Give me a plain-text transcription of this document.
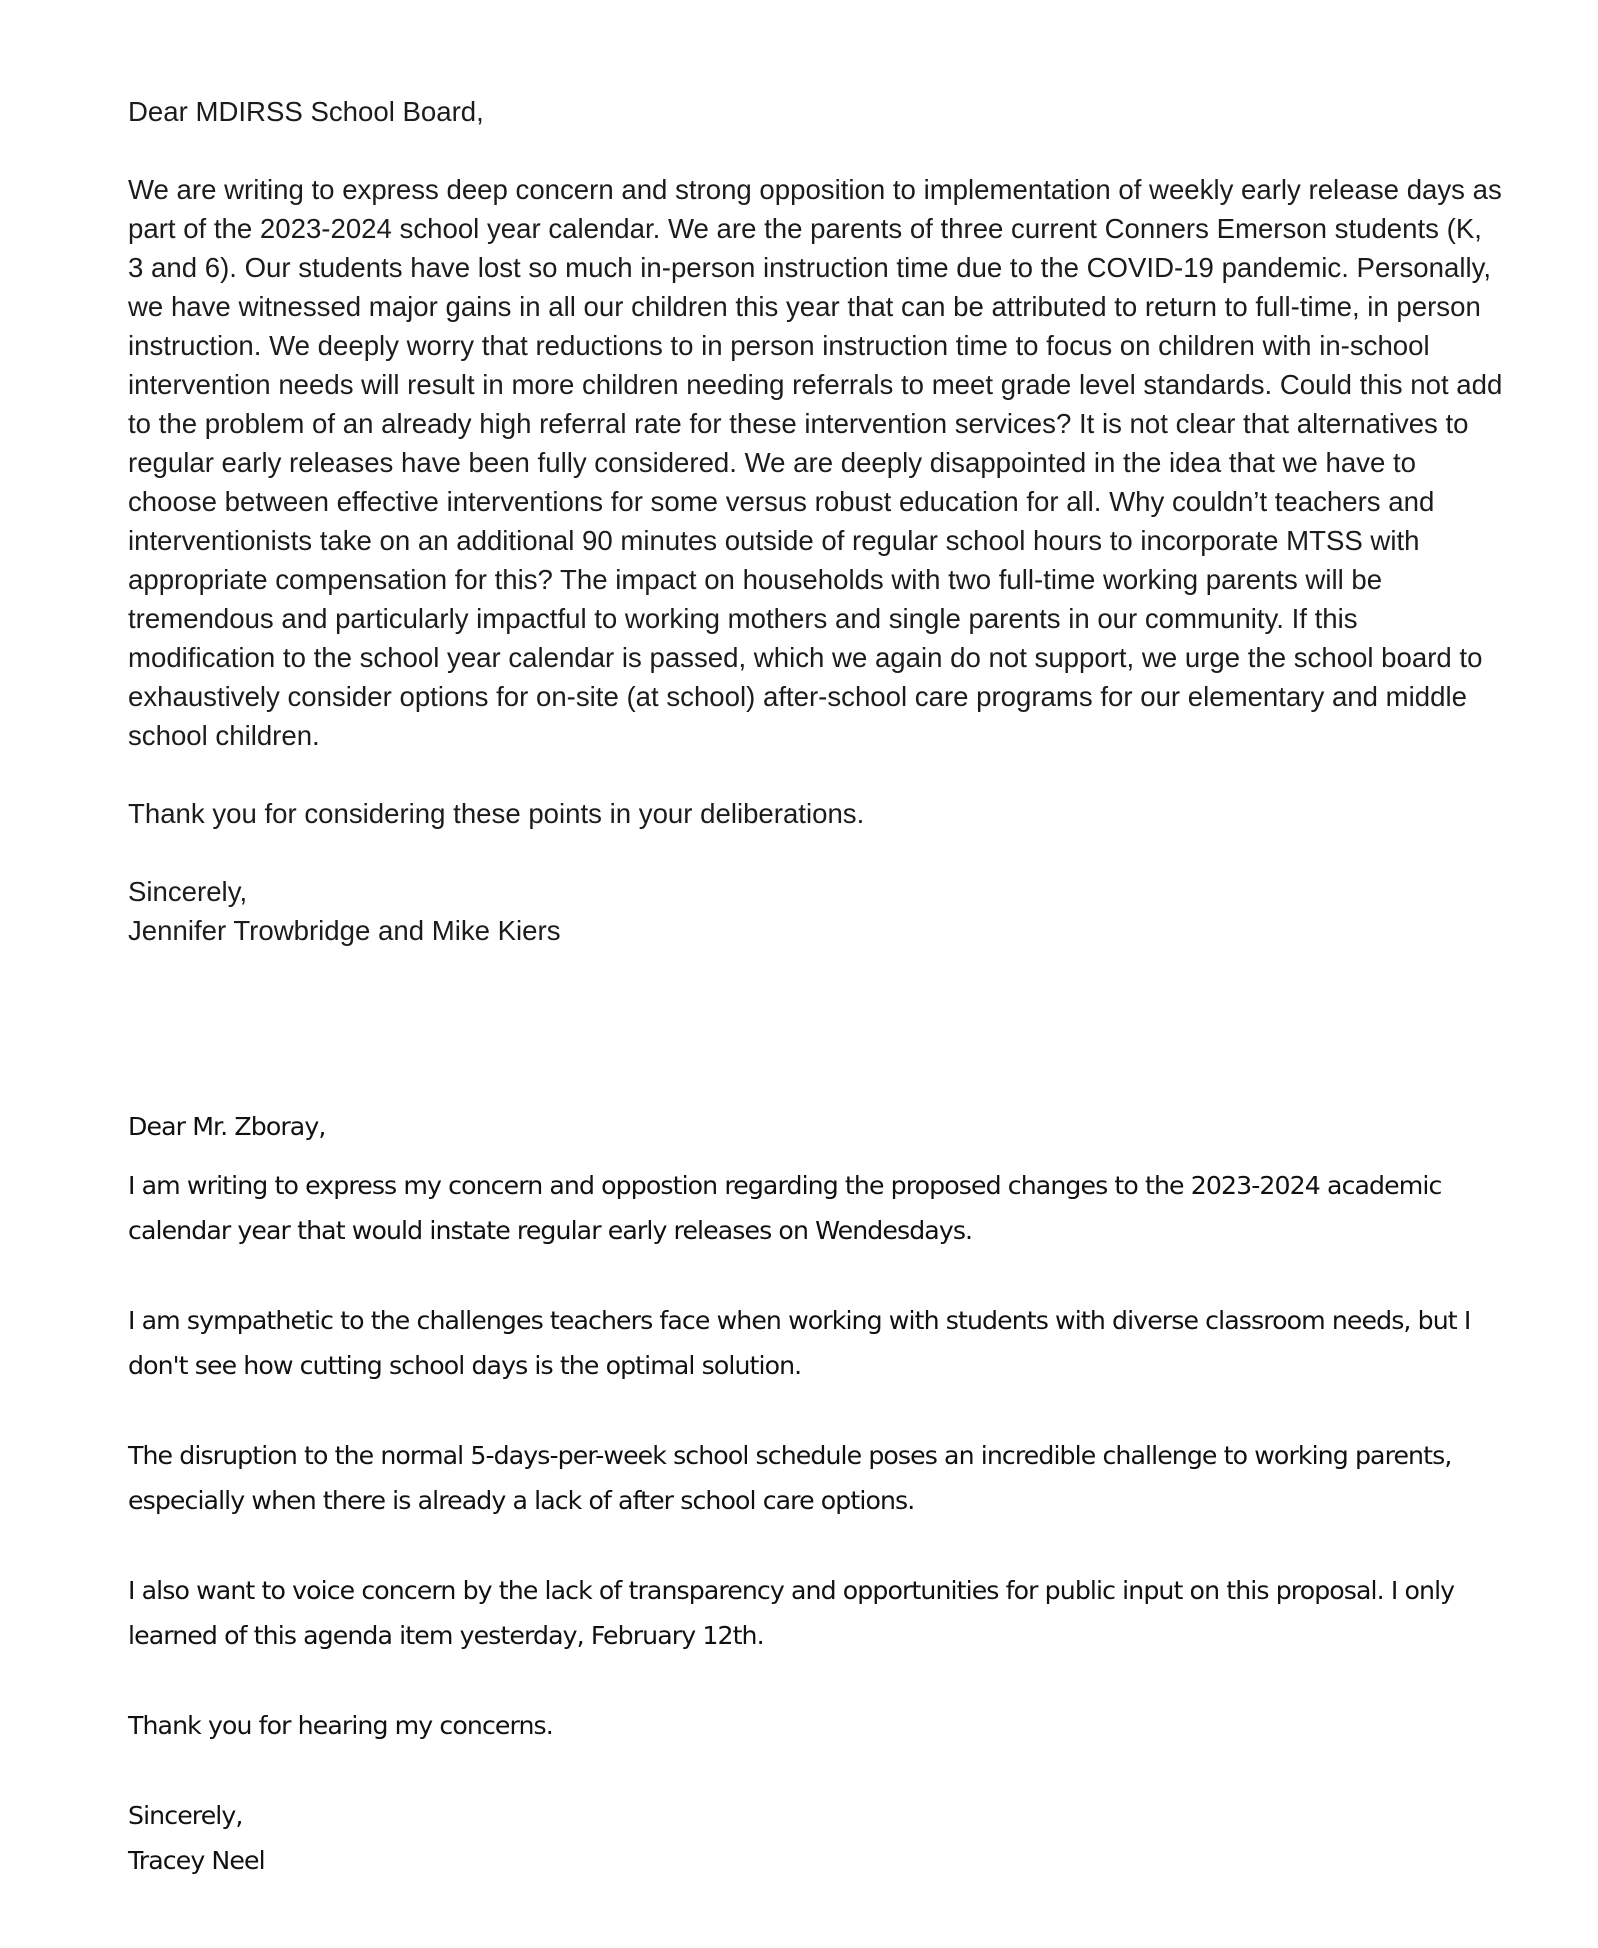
Dear MDIRSS School Board,

We are writing to express deep concern and strong opposition to implementation of weekly early release days as part of the 2023-2024 school year calendar. We are the parents of three current Conners Emerson students (K, 3 and 6). Our students have lost so much in-person instruction time due to the COVID-19 pandemic. Personally, we have witnessed major gains in all our children this year that can be attributed to return to full-time, in person instruction. We deeply worry that reductions to in person instruction time to focus on children with in-school intervention needs will result in more children needing referrals to meet grade level standards. Could this not add to the problem of an already high referral rate for these intervention services? It is not clear that alternatives to regular early releases have been fully considered. We are deeply disappointed in the idea that we have to choose between effective interventions for some versus robust education for all. Why couldn’t teachers and interventionists take on an additional 90 minutes outside of regular school hours to incorporate MTSS with appropriate compensation for this? The impact on households with two full-time working parents will be tremendous and particularly impactful to working mothers and single parents in our community. If this modification to the school year calendar is passed, which we again do not support, we urge the school board to exhaustively consider options for on-site (at school) after-school care programs for our elementary and middle school children.

Thank you for considering these points in your deliberations.

Sincerely,
Jennifer Trowbridge and Mike Kiers

Dear Mr. Zboray,

I am writing to express my concern and oppostion regarding the proposed changes to the 2023-2024 academic calendar year that would instate regular early releases on Wendesdays.

I am sympathetic to the challenges teachers face when working with students with diverse classroom needs, but I don't see how cutting school days is the optimal solution.

The disruption to the normal 5-days-per-week school schedule poses an incredible challenge to working parents, especially when there is already a lack of after school care options.

I also want to voice concern by the lack of transparency and opportunities for public input on this proposal. I only learned of this agenda item yesterday, February 12th.

Thank you for hearing my concerns.

Sincerely,
Tracey Neel
